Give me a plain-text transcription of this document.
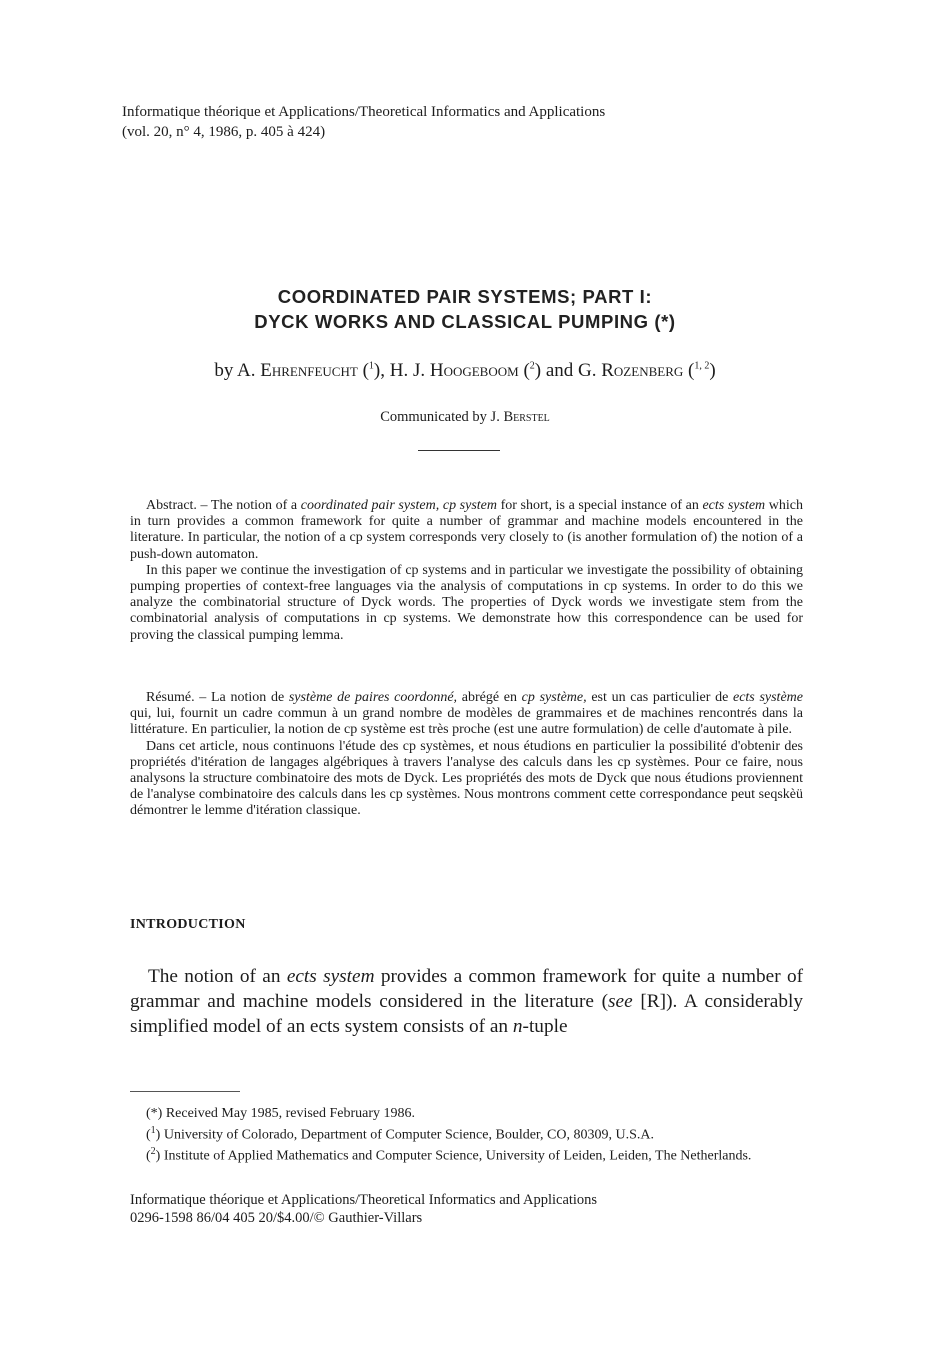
Informatique théorique et Applications/Theoretical Informatics and Applications
(vol. 20, n° 4, 1986, p. 405 à 424)
COORDINATED PAIR SYSTEMS; PART I:
DYCK WORKS AND CLASSICAL PUMPING (*)
by A. Ehrenfeucht ($^1$), H. J. Hoogeboom ($^2$) and G. Rozenberg ($^{1, 2}$)
Communicated by J. Berstel

Abstract. – The notion of a coordinated pair system, cp system for short, is a special instance of an ects system which in turn provides a common framework for quite a number of grammar and machine models encountered in the literature. In particular, the notion of a cp system corresponds very closely to (is another formulation of) the notion of a push-down automaton.

In this paper we continue the investigation of cp systems and in particular we investigate the possibility of obtaining pumping properties of context-free languages via the analysis of computations in cp systems. In order to do this we analyze the combinatorial structure of Dyck words. The properties of Dyck words we investigate stem from the combinatorial analysis of computations in cp systems. We demonstrate how this correspondence can be used for proving the classical pumping lemma.

Résumé. – La notion de système de paires coordonné, abrégé en cp système, est un cas particulier de ects système qui, lui, fournit un cadre commun à un grand nombre de modèles de grammaires et de machines rencontrés dans la littérature. En particulier, la notion de cp système est très proche (est une autre formulation) de celle d'automate à pile.

Dans cet article, nous continuons l'étude des cp systèmes, et nous étudions en particulier la possibilité d'obtenir des propriétés d'itération de langages algébriques à travers l'analyse des calculs dans les cp systèmes. Pour ce faire, nous analysons la structure combinatoire des mots de Dyck. Les propriétés des mots de Dyck que nous étudions proviennent de l'analyse combinatoire des calculs dans les cp systèmes. Nous montrons comment cette correspondance peut seqskèü démontrer le lemme d'itération classique.

INTRODUCTION

The notion of an ects system provides a common framework for quite a number of grammar and machine models considered in the literature (see [R]). A considerably simplified model of an ects system consists of an n-tuple

(*) Received May 1985, revised February 1986.

($^1$) University of Colorado, Department of Computer Science, Boulder, CO, 80309, U.S.A.

($^2$) Institute of Applied Mathematics and Computer Science, University of Leiden, Leiden, The Netherlands.

Informatique théorique et Applications/Theoretical Informatics and Applications
0296-1598 86/04 405 20/$4.00/© Gauthier-Villars
